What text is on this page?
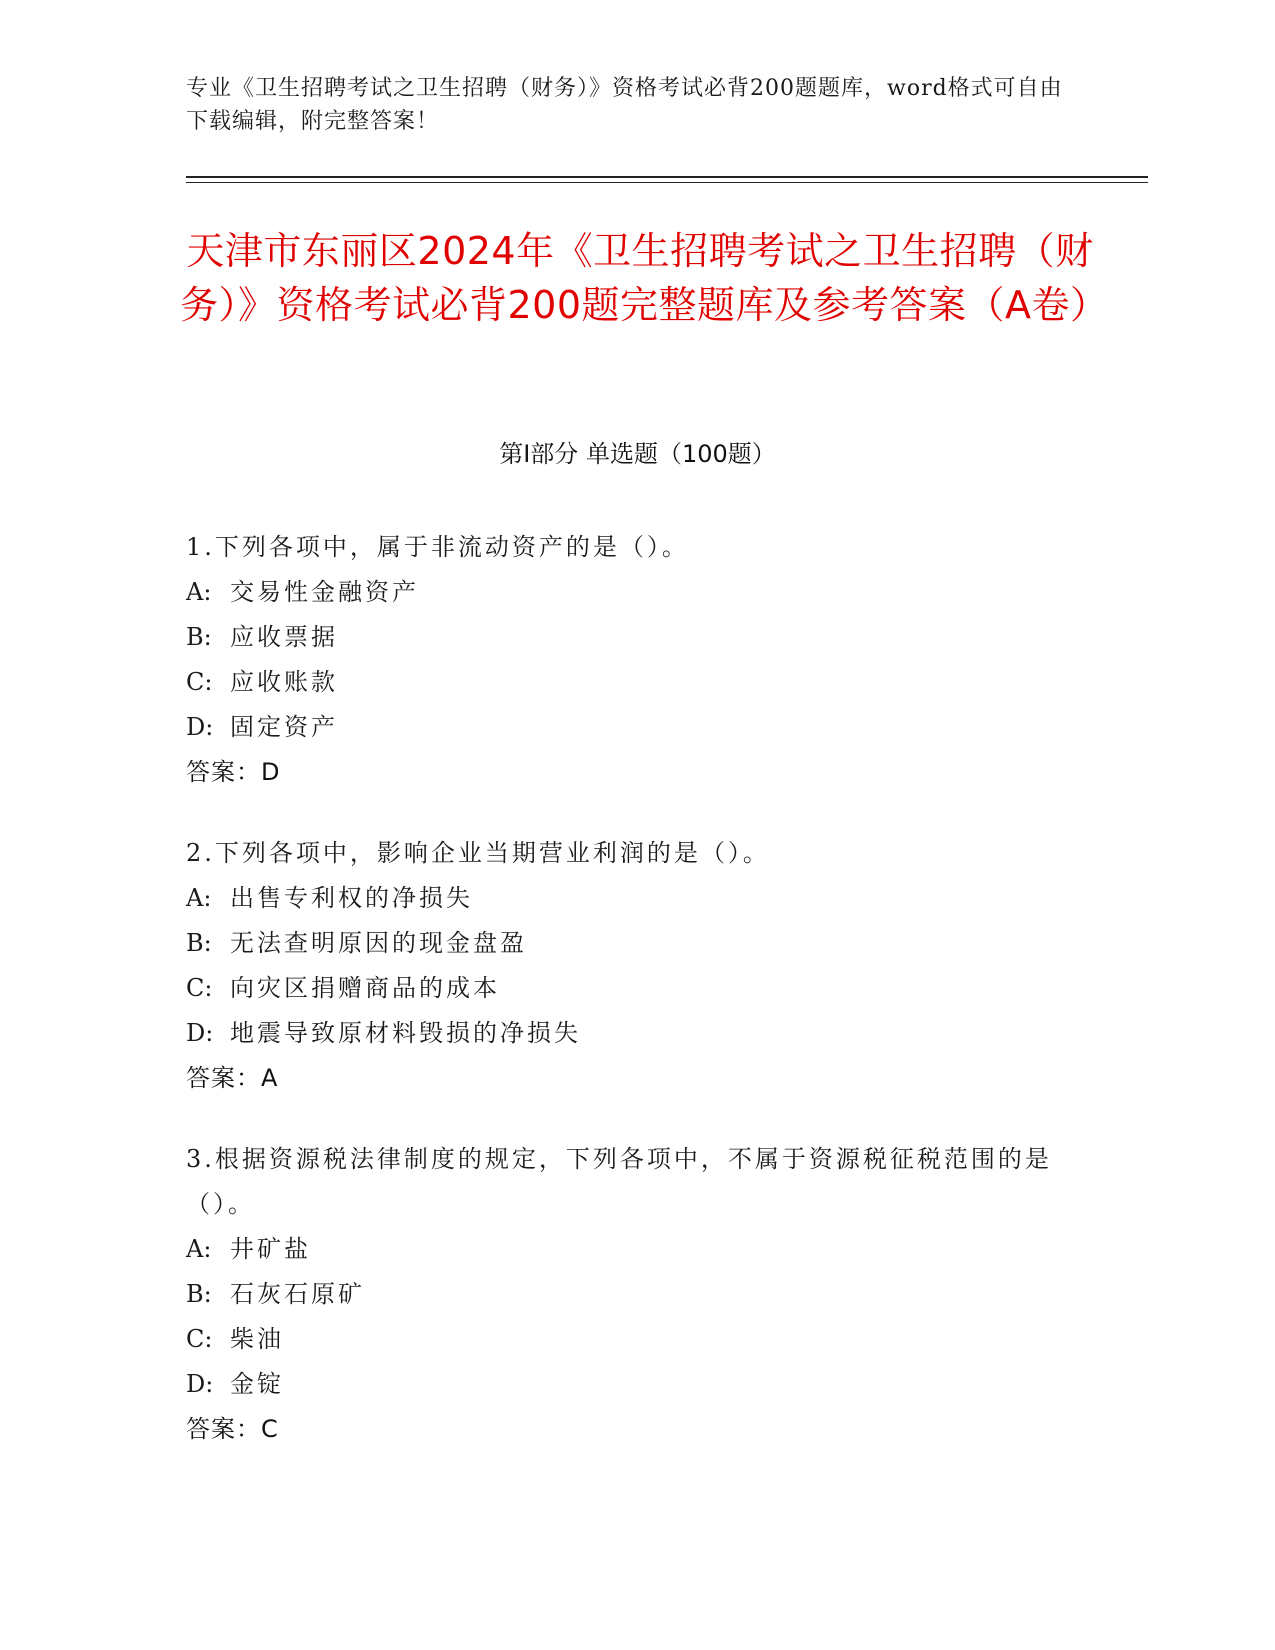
专业《卫生招聘考试之卫生招聘（财务）》资格考试必背200题题库，word格式可自由下载编辑，附完整答案！
天津市东丽区2024年《卫生招聘考试之卫生招聘（财务）》资格考试必背200题完整题库及参考答案（A卷）
第Ⅰ部分 单选题（100题）
1.下列各项中，属于非流动资产的是（）。
A: 交易性金融资产
B: 应收票据
C: 应收账款
D: 固定资产
答案：D
2.下列各项中，影响企业当期营业利润的是（）。
A: 出售专利权的净损失
B: 无法查明原因的现金盘盈
C: 向灾区捐赠商品的成本
D: 地震导致原材料毁损的净损失
答案：A
3.根据资源税法律制度的规定，下列各项中，不属于资源税征税范围的是（）。
A: 井矿盐
B: 石灰石原矿
C: 柴油
D: 金锭
答案：C
